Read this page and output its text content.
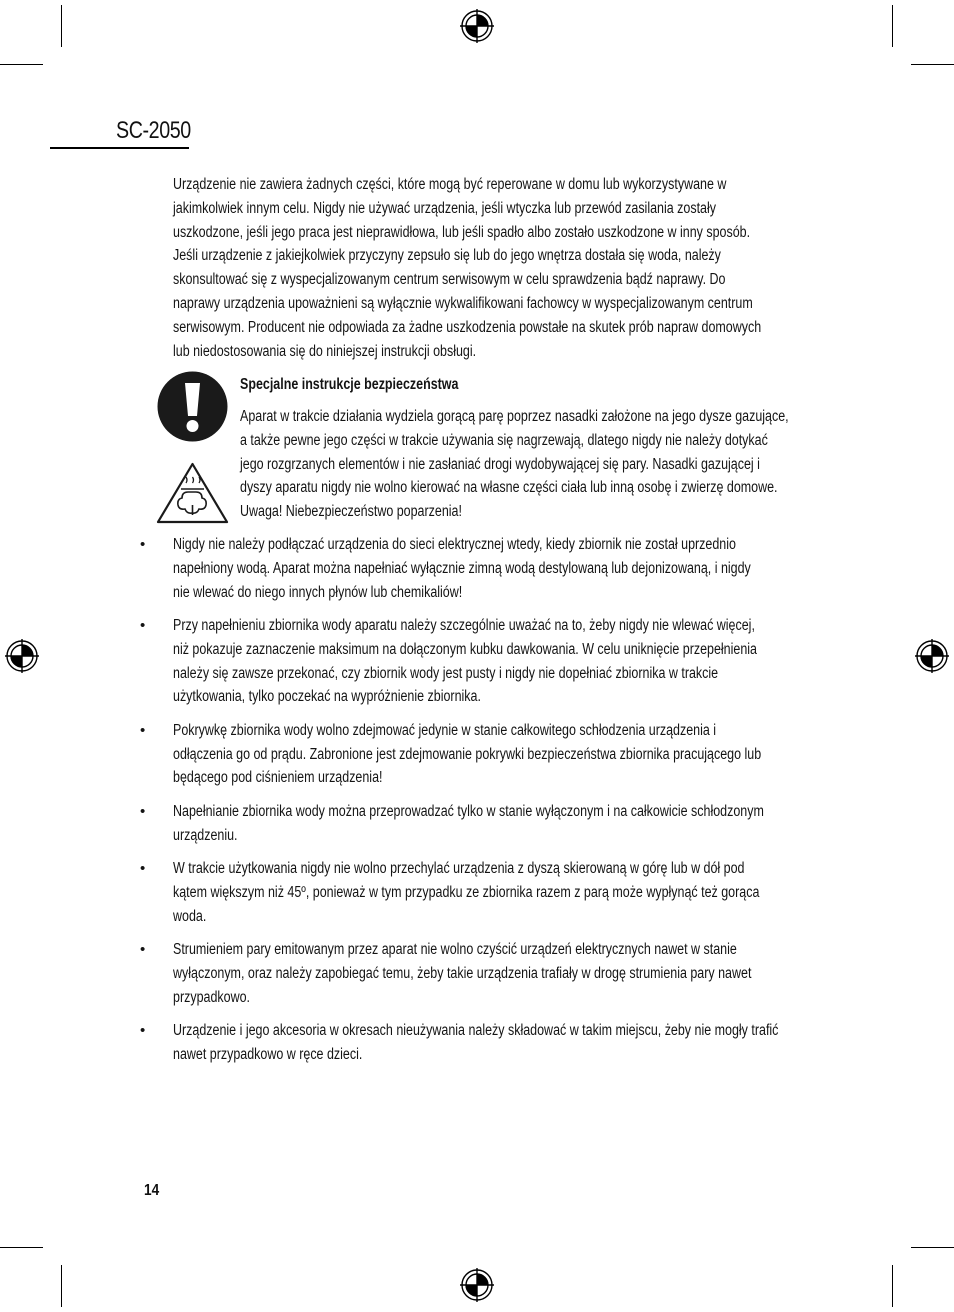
SC-2050
Urządzenie nie zawiera żadnych części, które mogą być reperowane w domu lub wykorzystywane w
jakimkolwiek innym celu. Nigdy nie używać urządzenia, jeśli wtyczka lub przewód zasilania zostały
uszkodzone, jeśli jego praca jest nieprawidłowa, lub jeśli spadło albo zostało uszkodzone w inny sposób.
Jeśli urządzenie z jakiejkolwiek przyczyny zepsuło się lub do jego wnętrza dostała się woda, należy
skonsultować się z wyspecjalizowanym centrum serwisowym w celu sprawdzenia bądź naprawy. Do
naprawy urządzenia upoważnieni są wyłącznie wykwalifikowani fachowcy w wyspecjalizowanym centrum
serwisowym. Producent nie odpowiada za żadne uszkodzenia powstałe na skutek prób napraw domowych
lub niedostosowania się do niniejszej instrukcji obsługi.
Specjalne instrukcje bezpieczeństwa
Aparat w trakcie działania wydziela gorącą parę poprzez nasadki założone na jego dysze gazujące,
a także pewne jego części w trakcie używania się nagrzewają, dlatego nigdy nie należy dotykać
jego rozgrzanych elementów i nie zasłaniać drogi wydobywającej się pary. Nasadki gazującej i
dyszy aparatu nigdy nie wolno kierować na własne części ciała lub inną osobę i zwierzę domowe.
Uwaga! Niebezpieczeństwo poparzenia!
•	Nigdy nie należy podłączać urządzenia do sieci elektrycznej wtedy, kiedy zbiornik nie został uprzednio
napełniony wodą. Aparat można napełniać wyłącznie zimną wodą destylowaną lub dejonizowaną, i nigdy
nie wlewać do niego innych płynów lub chemikaliów!
•	Przy napełnieniu zbiornika wody aparatu należy szczególnie uważać na to, żeby nigdy nie wlewać więcej,
niż pokazuje zaznaczenie maksimum na dołączonym kubku dawkowania. W celu uniknięcie przepełnienia
należy się zawsze przekonać, czy zbiornik wody jest pusty i nigdy nie dopełniać zbiornika w trakcie
użytkowania, tylko poczekać na wypróżnienie zbiornika.
•	Pokrywkę zbiornika wody wolno zdejmować jedynie w stanie całkowitego schłodzenia urządzenia i
odłączenia go od prądu. Zabronione jest zdejmowanie pokrywki bezpieczeństwa zbiornika pracującego lub
będącego pod ciśnieniem urządzenia!
•	Napełnianie zbiornika wody można przeprowadzać tylko w stanie wyłączonym i na całkowicie schłodzonym
urządzeniu.
•	W trakcie użytkowania nigdy nie wolno przechylać urządzenia z dyszą skierowaną w górę lub w dół pod
kątem większym niż 45º, ponieważ w tym przypadku ze zbiornika razem z parą może wypłynąć też gorąca
woda.
•	Strumieniem pary emitowanym przez aparat nie wolno czyścić urządzeń elektrycznych nawet w stanie
wyłączonym, oraz należy zapobiegać temu, żeby takie urządzenia trafiały w drogę strumienia pary nawet
przypadkowo.
•	Urządzenie i jego akcesoria w okresach nieużywania należy składować w takim miejscu, żeby nie mogły trafić
nawet przypadkowo w ręce dzieci.
14
